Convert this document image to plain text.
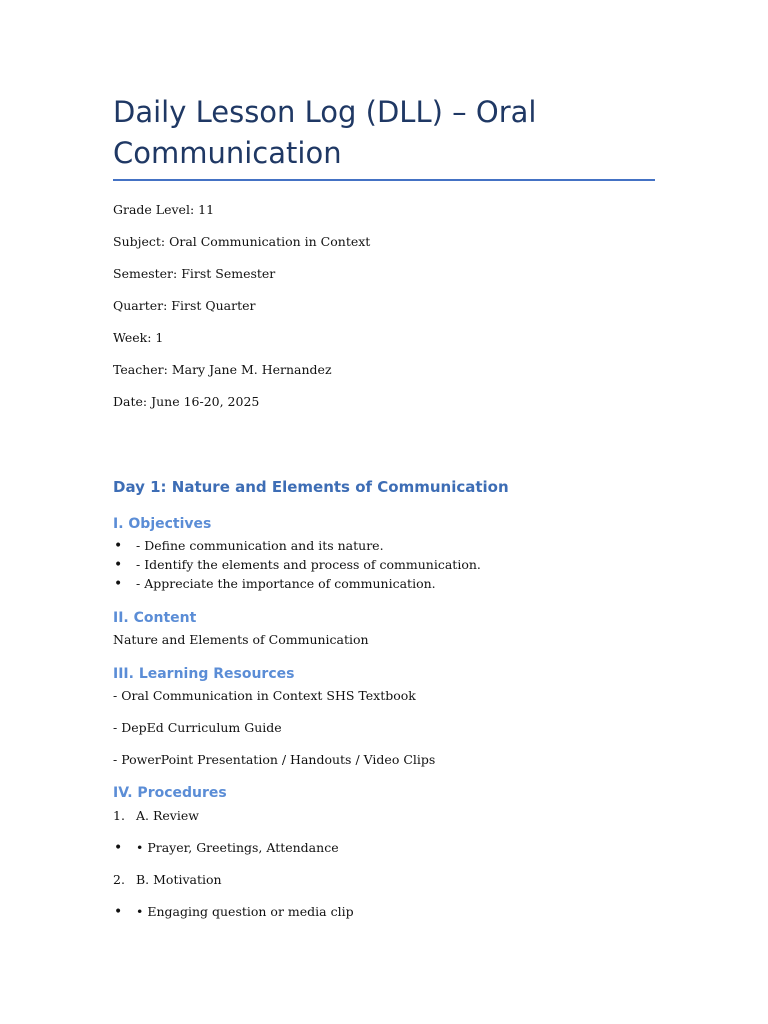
Daily Lesson Log (DLL) – Oral Communication
Grade Level: 11
Subject: Oral Communication in Context
Semester: First Semester
Quarter: First Quarter
Week: 1
Teacher: Mary Jane M. Hernandez
Date: June 16-20, 2025
Day 1: Nature and Elements of Communication
I. Objectives
• - Define communication and its nature.
• - Identify the elements and process of communication.
• - Appreciate the importance of communication.
II. Content
Nature and Elements of Communication
III. Learning Resources
- Oral Communication in Context SHS Textbook
- DepEd Curriculum Guide
- PowerPoint Presentation / Handouts / Video Clips
IV. Procedures
1. A. Review
• • Prayer, Greetings, Attendance
2. B. Motivation
• • Engaging question or media clip
